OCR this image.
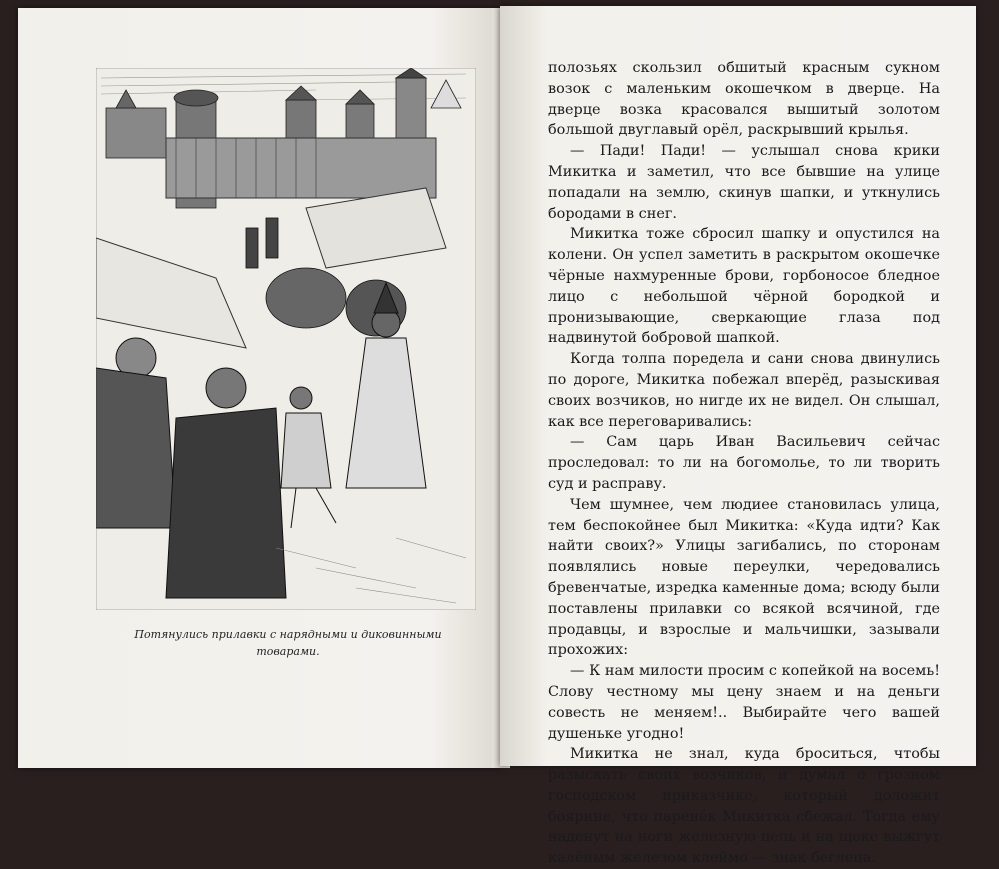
Потянулись прилавки с нарядными и диковинными товарами.

полозьях скользил обшитый красным сукном возок с маленьким окошечком в дверце. На дверце возка красовался вышитый золотом большой двуглавый орёл, раскрывший крылья.

— Пади! Пади! — услышал снова крики Микитка и заметил, что все бывшие на улице попадали на землю, скинув шапки, и уткнулись бородами в снег.

Микитка тоже сбросил шапку и опустился на колени. Он успел заметить в раскрытом окошечке чёрные нахмуренные брови, горбоносое бледное лицо с небольшой чёрной бородкой и пронизывающие, сверкающие глаза под надвинутой бобровой шапкой.

Когда толпа поредела и сани снова двинулись по дороге, Микитка побежал вперёд, разыскивая своих возчиков, но нигде их не видел. Он слышал, как все переговаривались:

— Сам царь Иван Васильевич сейчас проследовал: то ли на богомолье, то ли творить суд и расправу.

Чем шумнее, чем людиее становилась улица, тем беспокойнее был Микитка: «Куда идти? Как найти своих?» Улицы загибались, по сторонам появлялись новые переулки, чередовались бревенчатые, изредка каменные дома; всюду были поставлены прилавки со всякой всячиной, где продавцы, и взрослые и мальчишки, зазывали прохожих:

— К нам милости просим с копейкой на восемь! Слову честному мы цену знаем и на деньги совесть не меняем!.. Выбирайте чего вашей душеньке угодно!

Микитка не знал, куда броситься, чтобы разыскать своих возчиков, и думал о грозном господском приказчике, который доложит боярине, что паренёк Микитка сбежал. Тогда ему наденут на ноги железную цепь и на щеке выжгут калёным железом клеймо — знак беглеца.
